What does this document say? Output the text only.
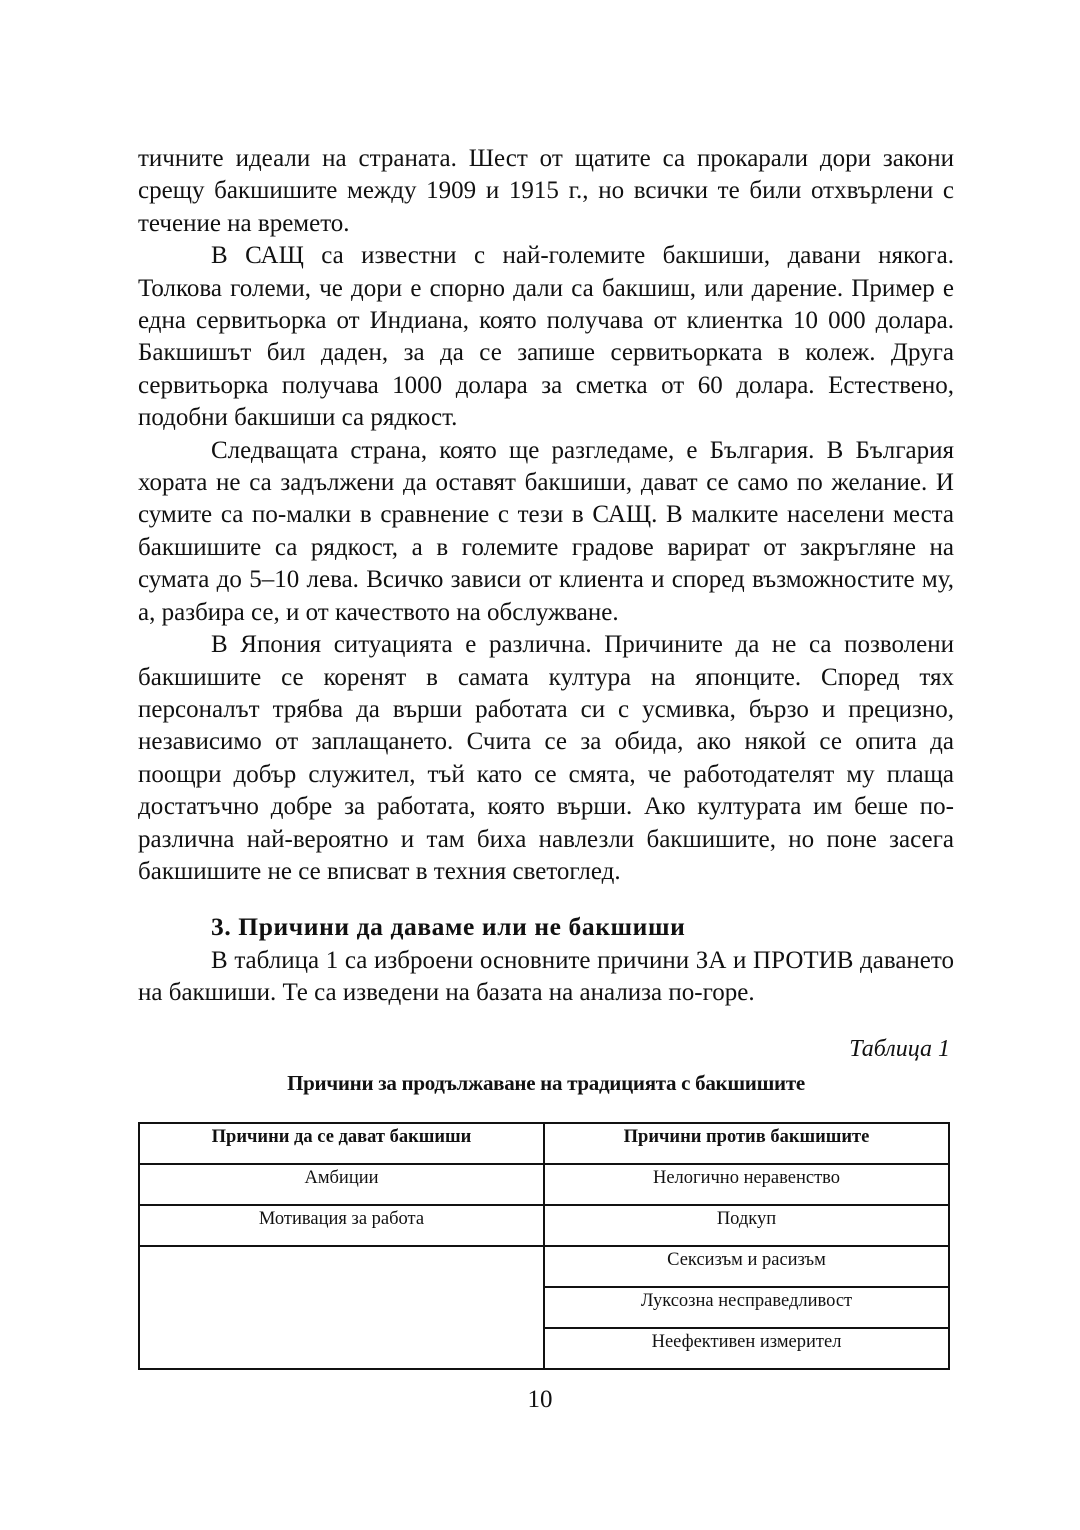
тичните идеали на страната. Шест от щатите са прокарали дори закони срещу бакшишите между 1909 и 1915 г., но всички те били отхвърлени с течение на времето.

В САЩ са известни с най-големите бакшиши, давани някога. Толкова големи, че дори е спорно дали са бакшиш, или дарение. Пример е една сервитьорка от Индиана, която получава от клиентка 10 000 долара. Бакшишът бил даден, за да се запише сервитьорката в колеж. Друга сервитьорка получава 1000 долара за сметка от 60 долара. Естествено, подобни бакшиши са рядкост.

Следващата страна, която ще разгледаме, е България. В България хората не са задължени да оставят бакшиши, дават се само по желание. И сумите са по-малки в сравнение с тези в САЩ. В малките населени места бакшишите са рядкост, а в големите градове варират от закръгляне на сумата до 5–10 лева. Всичко зависи от клиента и според възможностите му, а, разбира се, и от качеството на обслужване.

В Япония ситуацията е различна. Причините да не са позволени бакшишите се коренят в самата култура на японците. Според тях персоналът трябва да върши работата си с усмивка, бързо и прецизно, независимо от заплащането. Счита се за обида, ако някой се опита да поощри добър служител, тъй като се смята, че работодателят му плаща достатъчно добре за работата, която върши. Ако културата им беше по-различна най-вероятно и там биха навлезли бакшишите, но поне засега бакшишите не се вписват в техния светоглед.

3. Причини да даваме или не бакшиши

В таблица 1 са изброени основните причини ЗА и ПРОТИВ даването на бакшиши. Те са изведени на базата на анализа по-горе.

Таблица 1
Причини за продължаване на традицията с бакшишите
Причини да се дават бакшиши	Причини против бакшишите
Амбиции	Нелогично неравенство
Мотивация за работа	Подкуп
	Сексизъм и расизъм
	Луксозна несправедливост
	Неефективен измерител
10
